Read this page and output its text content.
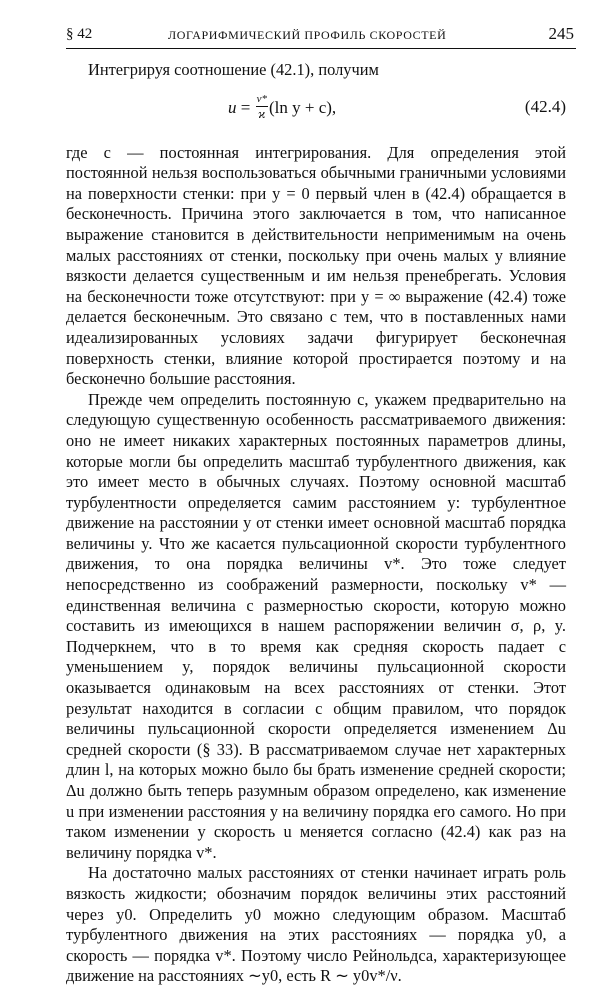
§ 42	ЛОГАРИФМИЧЕСКИЙ ПРОФИЛЬ СКОРОСТЕЙ	245

Интегрируя соотношение (42.1), получим

$u = \frac{v*}{ϰ} (\ln$ y + c),	(42.4)

где c — постоянная интегрирования. Для определения этой постоянной нельзя воспользоваться обычными граничными условиями на поверхности стенки: при y = 0 первый член в (42.4) обращается в бесконечность. Причина этого заключается в том, что написанное выражение становится в действительности неприменимым на очень малых расстояниях от стенки, поскольку при очень малых y влияние вязкости делается существенным и им нельзя пренебрегать. Условия на бесконечности тоже отсутствуют: при y = ∞ выражение (42.4) тоже делается бесконечным. Это связано с тем, что в поставленных нами идеализированных условиях задачи фигурирует бесконечная поверхность стенки, влияние которой простирается поэтому и на бесконечно большие расстояния.

Прежде чем определить постоянную c, укажем предварительно на следующую существенную особенность рассматриваемого движения: оно не имеет никаких характерных постоянных параметров длины, которые могли бы определить масштаб турбулентного движения, как это имеет место в обычных случаях. Поэтому основной масштаб турбулентности определяется самим расстоянием y: турбулентное движение на расстоянии y от стенки имеет основной масштаб порядка величины y. Что же касается пульсационной скорости турбулентного движения, то она порядка величины v*. Это тоже следует непосредственно из соображений размерности, поскольку v* — единственная величина с размерностью скорости, которую можно составить из имеющихся в нашем распоряжении величин σ, ρ, y. Подчеркнем, что в то время как средняя скорость падает с уменьшением y, порядок величины пульсационной скорости оказывается одинаковым на всех расстояниях от стенки. Этот результат находится в согласии с общим правилом, что порядок величины пульсационной скорости определяется изменением Δu средней скорости (§ 33). В рассматриваемом случае нет характерных длин l, на которых можно было бы брать изменение средней скорости; Δu должно быть теперь разумным образом определено, как изменение u при изменении расстояния y на величину порядка его самого. Но при таком изменении y скорость u меняется согласно (42.4) как раз на величину порядка v*.

На достаточно малых расстояниях от стенки начинает играть роль вязкость жидкости; обозначим порядок величины этих расстояний через y0. Определить y0 можно следующим образом. Масштаб турбулентного движения на этих расстояниях — порядка y0, а скорость — порядка v*. Поэтому число Рейнольдса, характеризующее движение на расстояниях ∼y0, есть R ∼ y0v*/ν.
